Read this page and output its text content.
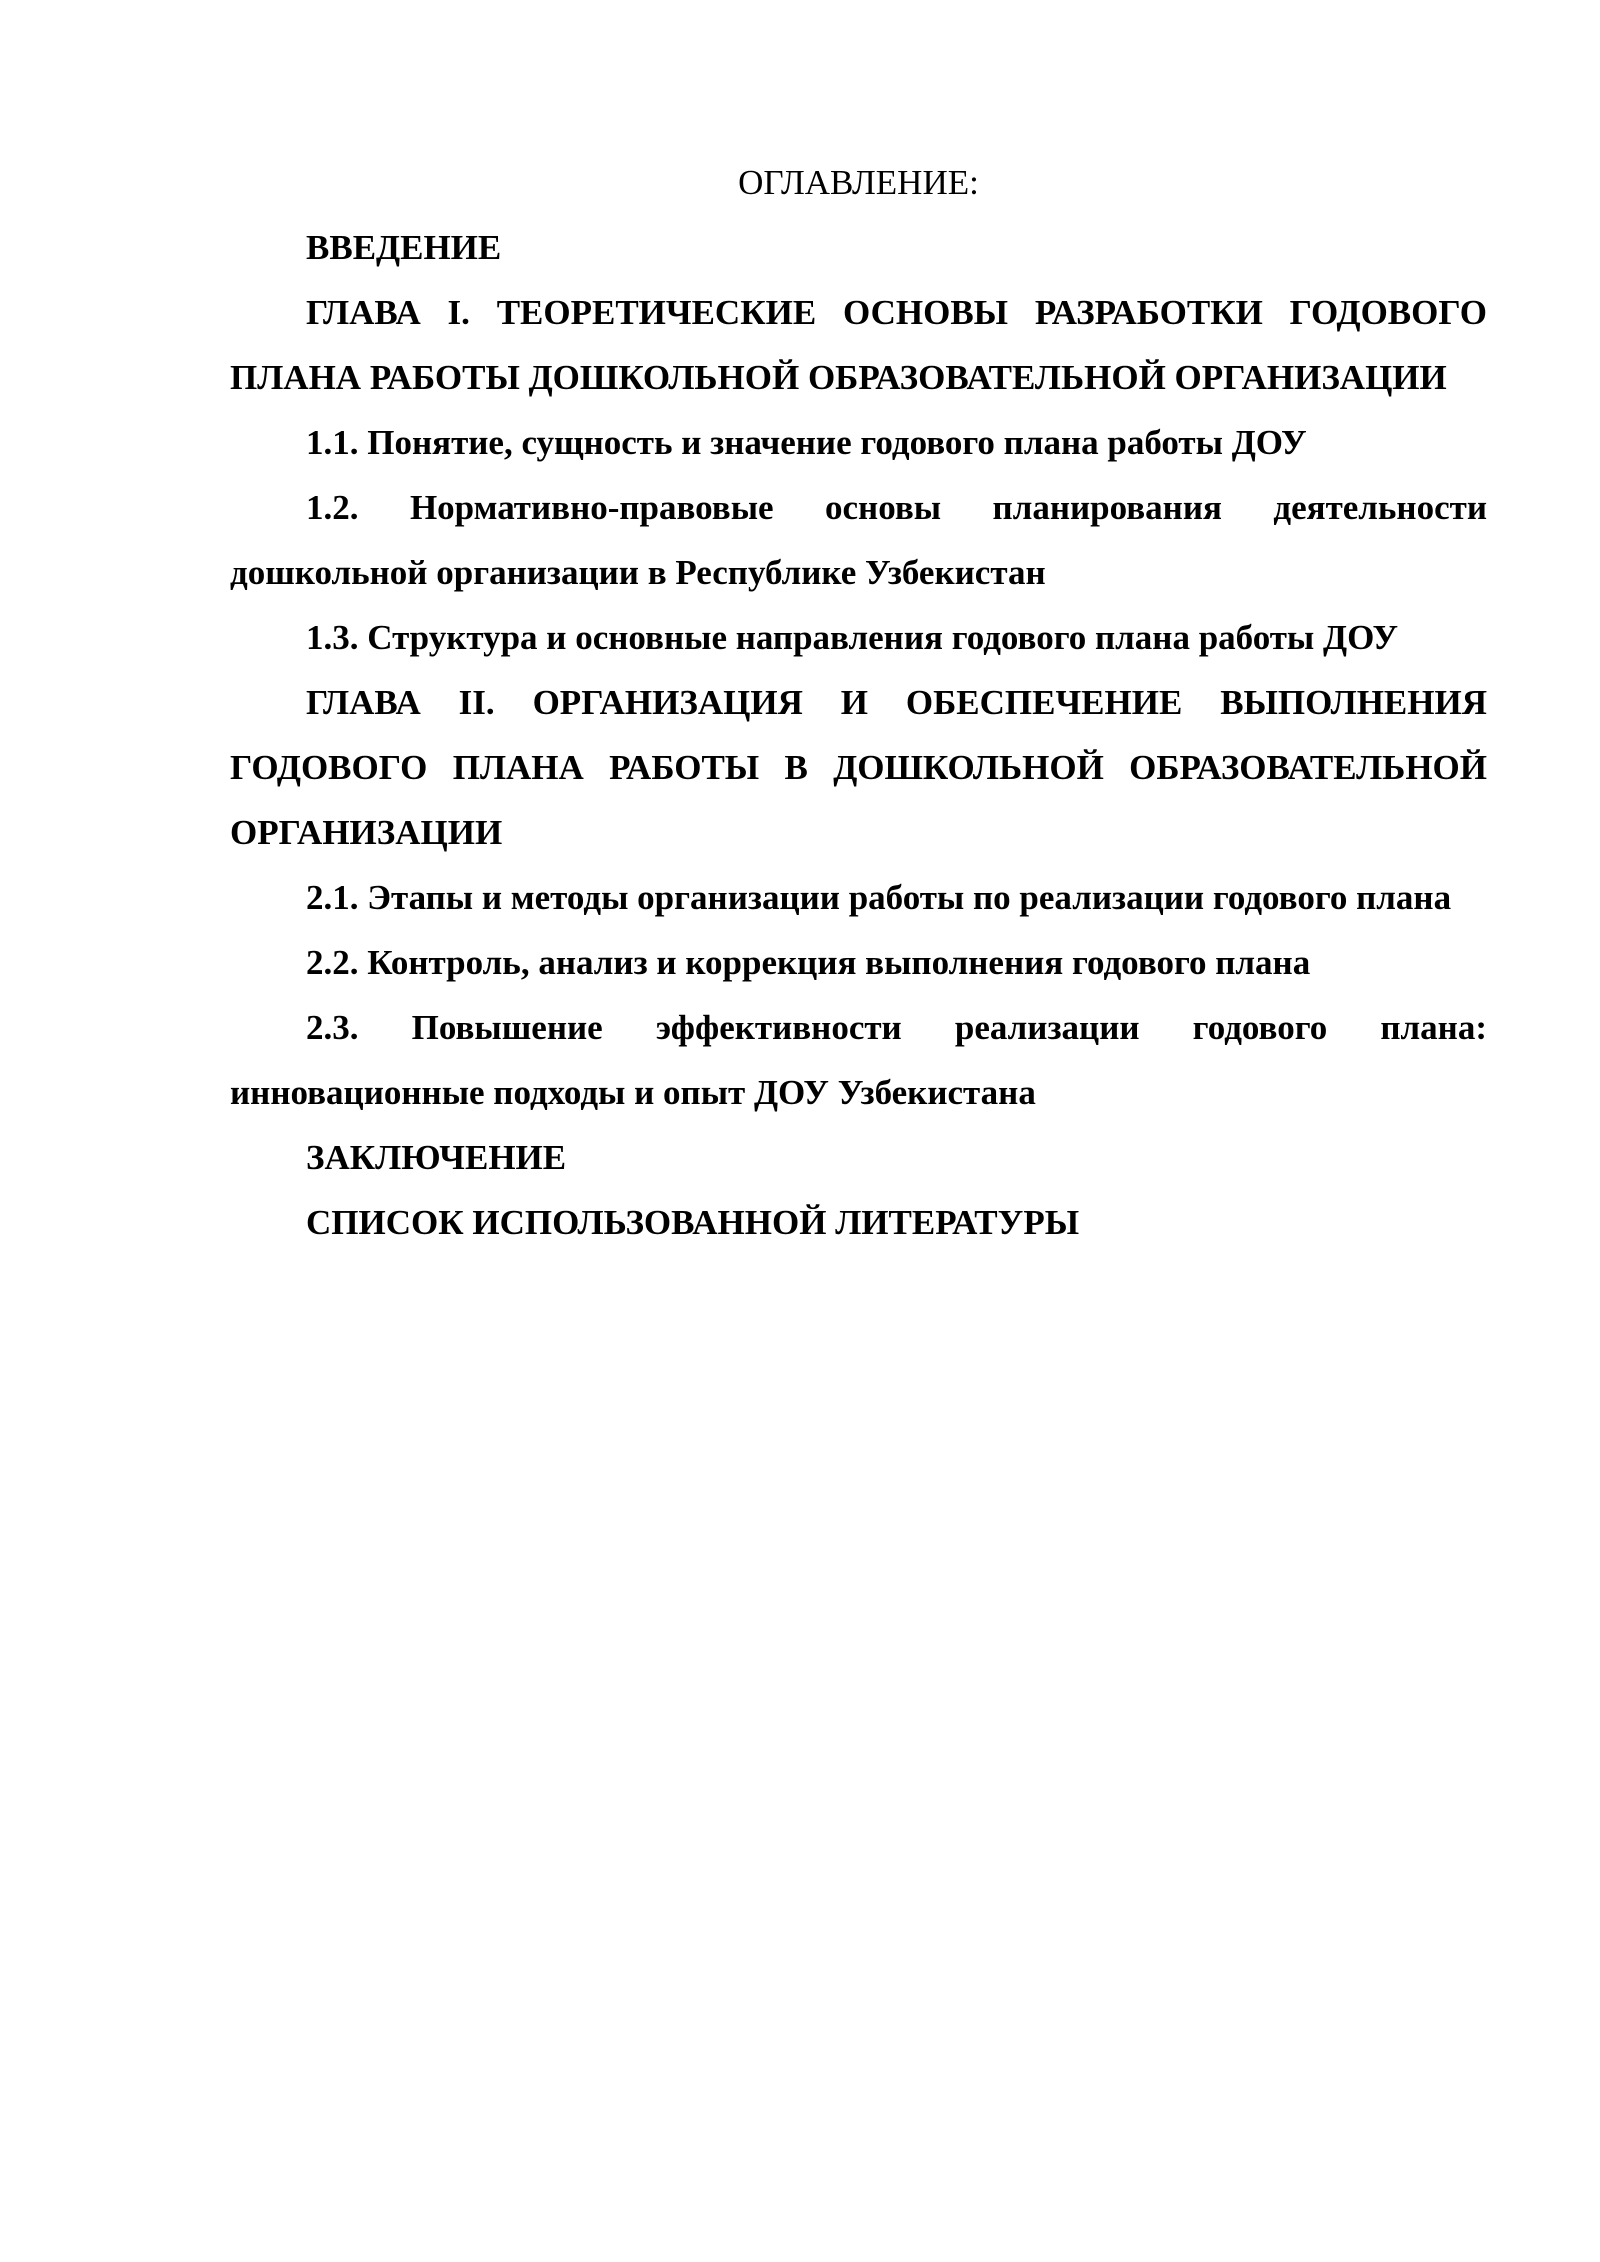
ОГЛАВЛЕНИЕ:

ВВЕДЕНИЕ

ГЛАВА I. ТЕОРЕТИЧЕСКИЕ ОСНОВЫ РАЗРАБОТКИ ГОДОВОГО ПЛАНА РАБОТЫ ДОШКОЛЬНОЙ ОБРАЗОВАТЕЛЬНОЙ ОРГАНИЗАЦИИ

1.1. Понятие, сущность и значение годового плана работы ДОУ

1.2. Нормативно-правовые основы планирования деятельности дошкольной организации в Республике Узбекистан

1.3. Структура и основные направления годового плана работы ДОУ

ГЛАВА II. ОРГАНИЗАЦИЯ И ОБЕСПЕЧЕНИЕ ВЫПОЛНЕНИЯ ГОДОВОГО ПЛАНА РАБОТЫ В ДОШКОЛЬНОЙ ОБРАЗОВАТЕЛЬНОЙ ОРГАНИЗАЦИИ

2.1. Этапы и методы организации работы по реализации годового плана

2.2. Контроль, анализ и коррекция выполнения годового плана

2.3. Повышение эффективности реализации годового плана: инновационные подходы и опыт ДОУ Узбекистана

ЗАКЛЮЧЕНИЕ

СПИСОК ИСПОЛЬЗОВАННОЙ ЛИТЕРАТУРЫ
